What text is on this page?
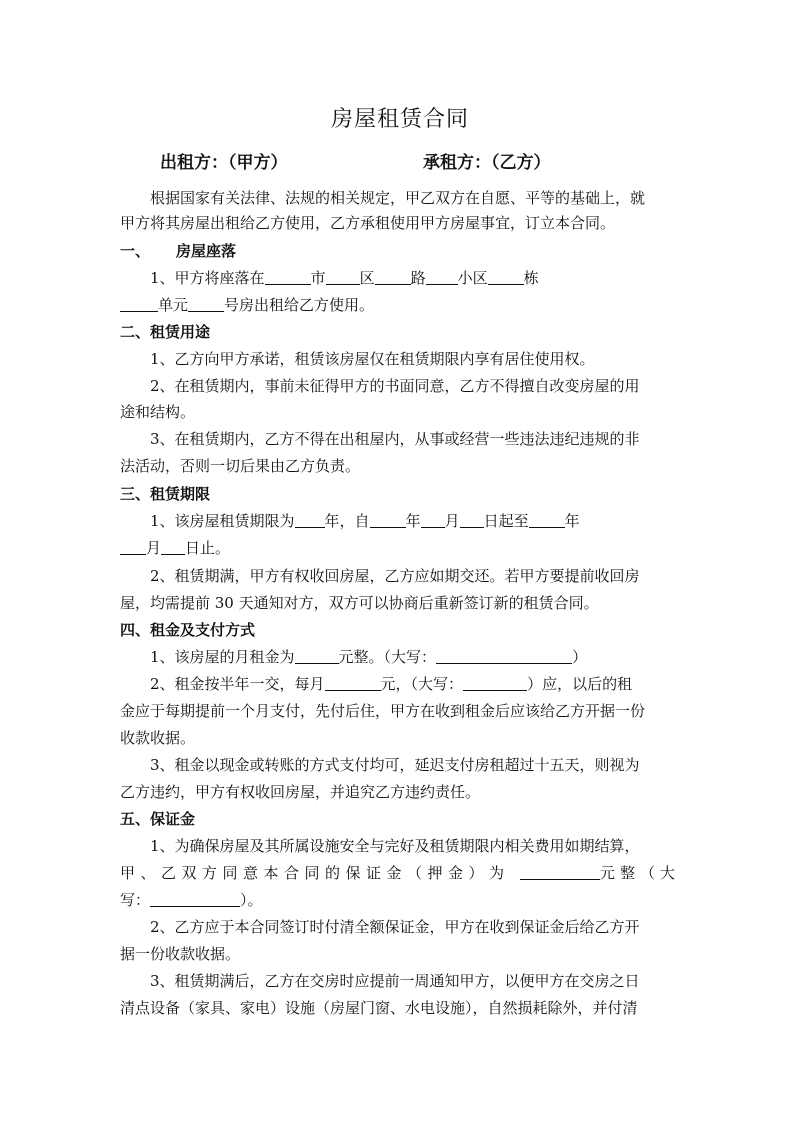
房屋租赁合同
出租方：（甲方）	承租方：（乙方）
根据国家有关法律、法规的相关规定，甲乙双方在自愿、平等的基础上，就
甲方将其房屋出租给乙方使用，乙方承租使用甲方房屋事宜，订立本合同。
一、 房屋座落
1、甲方将座落在	市 区 路 小区 栋
单元 号房出租给乙方使用。
二、租赁用途
1、乙方向甲方承诺，租赁该房屋仅在租赁期限内享有居住使用权。
2、在租赁期内，事前未征得甲方的书面同意，乙方不得擅自改变房屋的用
途和结构。
3、在租赁期内，乙方不得在出租屋内，从事或经营一些违法违纪违规的非
法活动，否则一切后果由乙方负责。
三、租赁期限
1、该房屋租赁期限为 年，自 年 月 日起至 年
月 日止。
2、租赁期满，甲方有权收回房屋，乙方应如期交还。若甲方要提前收回房
屋，均需提前 30 天通知对方，双方可以协商后重新签订新的租赁合同。
四、租金及支付方式
1、该房屋的月租金为	元整。（大写：	）
2、租金按半年一交，每月	元，（大写：	）应，以后的租
金应于每期提前一个月支付，先付后住，甲方在收到租金后应该给乙方开据一份
收款收据。
3、租金以现金或转账的方式支付均可，延迟支付房租超过十五天，则视为
乙方违约，甲方有权收回房屋，并追究乙方违约责任。
五、保证金
1、为确保房屋及其所属设施安全与完好及租赁期限内相关费用如期结算，
甲、乙双方同意本合同的保证金（押金）为	元整（大
写：	）。
2、乙方应于本合同签订时付清全额保证金，甲方在收到保证金后给乙方开
据一份收款收据。
3、租赁期满后，乙方在交房时应提前一周通知甲方，以便甲方在交房之日
清点设备（家具、家电）设施（房屋门窗、水电设施），自然损耗除外，并付清
